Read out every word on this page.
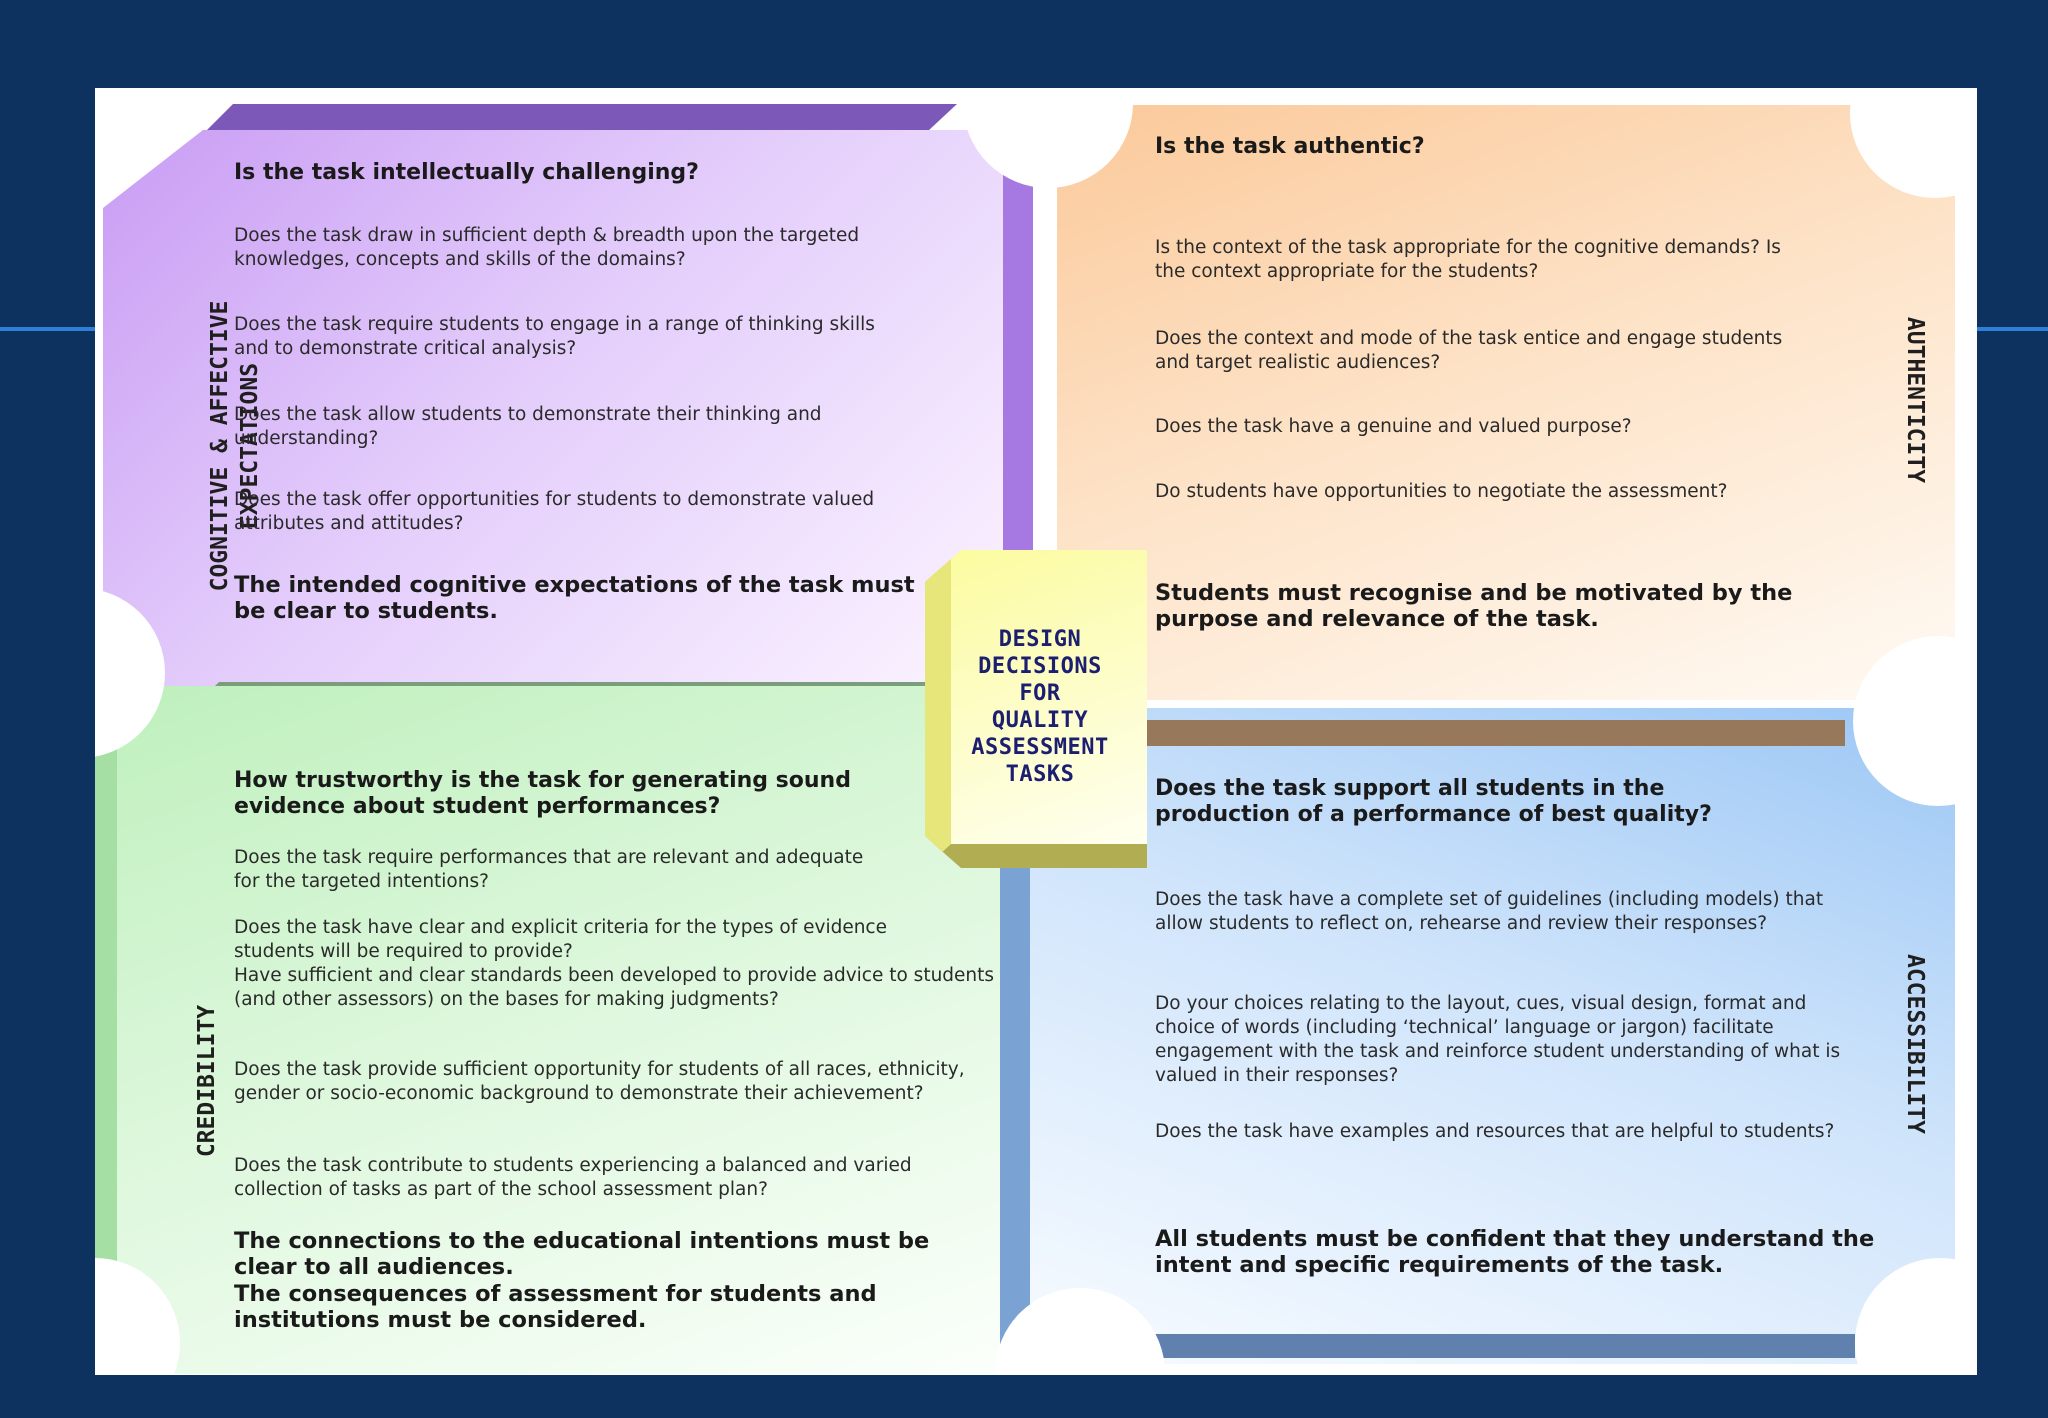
DESIGN
DECISIONS
FOR
QUALITY
ASSESSMENT
TASKS
COGNITIVE & AFFECTIVE EXPECTATIONS
Is the task intellectually challenging?
Does the task draw in sufficient depth & breadth upon the targeted knowledges, concepts and skills of the domains?
Does the task require students to engage in a range of thinking skills and to demonstrate critical analysis?
Does the task allow students to demonstrate their thinking and understanding?
Does the task offer opportunities for students to demonstrate valued attributes and attitudes?
The intended cognitive expectations of the task must be clear to students.
Is the task authentic?
Is the context of the task appropriate for the cognitive demands? Is the context appropriate for the students?
Does the context and mode of the task entice and engage students and target realistic audiences?
Does the task have a genuine and valued purpose?
Do students have opportunities to negotiate the assessment?
Students must recognise and be motivated by the purpose and relevance of the task.
AUTHENTICITY
CREDIBILITY
How trustworthy is the task for generating sound evidence about student performances?
Does the task require performances that are relevant and adequate for the targeted intentions?
Does the task have clear and explicit criteria for the types of evidence students will be required to provide?
Have sufficient and clear standards been developed to provide advice to students (and other assessors) on the bases for making judgments?
Does the task provide sufficient opportunity for students of all races, ethnicity, gender or socio-economic background to demonstrate their achievement?
Does the task contribute to students experiencing a balanced and varied collection of tasks as part of the school assessment plan?
The connections to the educational intentions must be clear to all audiences.
The consequences of assessment for students and institutions must be considered.
Does the task support all students in the production of a performance of best quality?
Does the task have a complete set of guidelines (including models) that allow students to reflect on, rehearse and review their responses?
Do your choices relating to the layout, cues, visual design, format and choice of words (including ‘technical’ language or jargon) facilitate engagement with the task and reinforce student understanding of what is valued in their responses?
Does the task have examples and resources that are helpful to students?
All students must be confident that they understand the intent and specific requirements of the task.
ACCESSIBILITY
